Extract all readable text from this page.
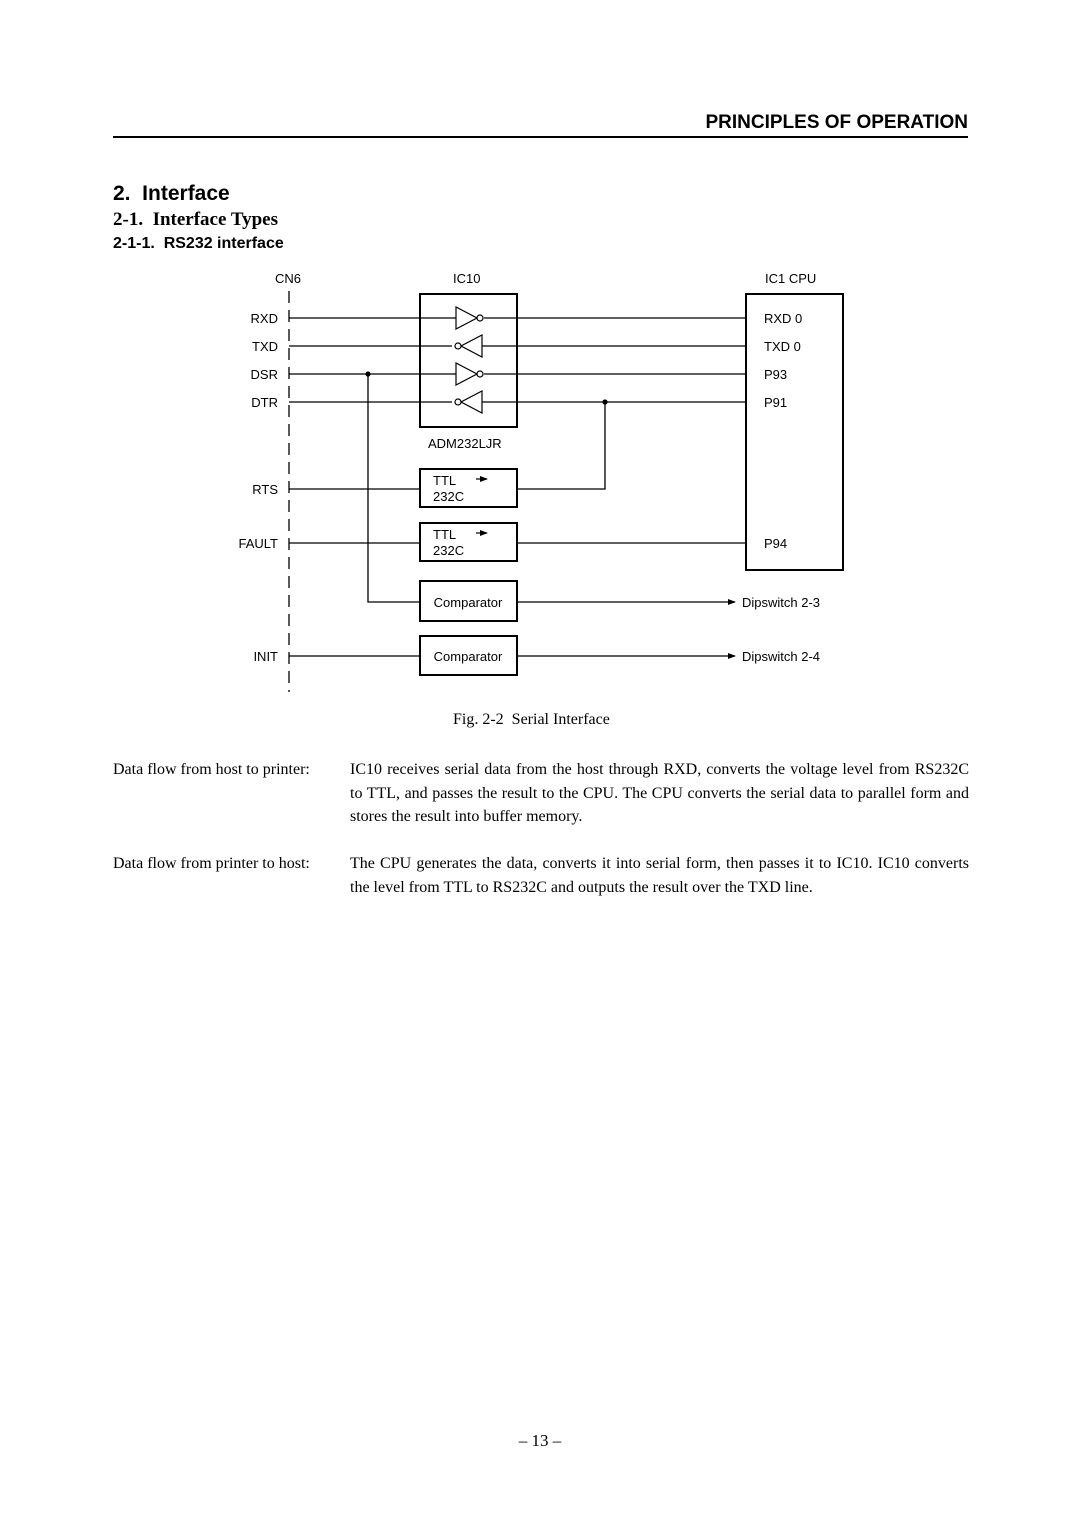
PRINCIPLES OF OPERATION
2.  Interface
2-1.  Interface Types
2-1-1.  RS232 interface
CN6	IC10	IC1 CPU
RXD
TXD
DSR
DTR
RTS
FAULT
INIT
ADM232LJR
RXD 0
TXD 0
P93
P91
P94
TTL
232C
TTL
232C
Comparator
Comparator
Dipswitch 2-3
Dipswitch 2-4
Fig. 2-2  Serial Interface
Data flow from host to printer:	IC10 receives serial data from the host through RXD, converts the voltage level from RS232C to TTL, and passes the result to the CPU. The CPU converts the serial data to parallel form and stores the result into buffer memory.
Data flow from printer to host:	The CPU generates the data, converts it into serial form, then passes it to IC10. IC10 converts the level from TTL to RS232C and outputs the result over the TXD line.
– 13 –
